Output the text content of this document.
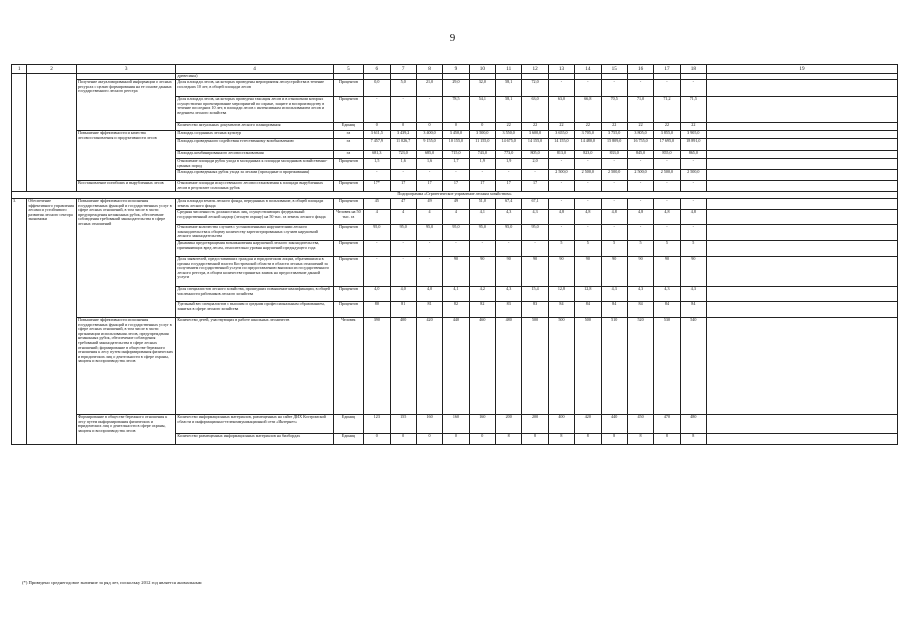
9
1	2	3	4	5	6	7	8	9	10	11	12	13	14	15	16	17	18	19
			древесины)															
		Получение актуализированной информации о лесных ресурсах с целью формирования на ее основе данных государственного лесного реестра	Доля площади лесов, на которых проведены мероприятия лесоустройства в течение последних 10 лет, в общей площади лесов	Процентов	0,0	5,0	21,0	29,0	32,0	58,1	72,0	-	-	-	-	-	-	
			Доля площади лесов, на которых проведена таксация лесов и в отношении которых осуществлено проектирование мероприятий по охране, защите и воспроизводству в течение последних 10 лет, в площади лесов с интенсивным использованием лесов и ведением лесного хозяйства	Процентов	-	-	-	78,5	54,1	58,1	63,0	63,0	66,8	70,5	71,0	71,2	71,5	
			Количество актуальных документов лесного планирования	Единиц	0	0	0	0	0	22	22	22	22	22	22	22	22	
		Повышение эффективности и качества лесовосстановления и продуктивности лесов	Площадь созданных лесных культур	га	3 611,5	3 439,2	3 400,0	3 450,0	3 500,0	3 550,0	3 600,0	3 655,0	3 705,0	3 755,0	3 805,0	3 855,0	3 905,0	
			Площадь проведенного содействия естественному возобновлению	га	7 457,9	11 026,7	9 155,0	10 155,0	11 155,0	14 675,0	14 155,0	14 155,0	14 480,0	15 809,0	16 755,0	17 695,0	18 891,0	
			Площадь комбинированного лесовосстановления	га	681,3	723,0	685,0	715,0	743,0	773,0	805,0	813,0	823,0	833,0	845,0	855,0	865,0	
			Отношение площади рубок ухода в молодняках к площади молодняков хозяйственно-ценных пород	Процентов	1,5	1,6	1,6	1,7	1,9	1,9	2,0	-	-	-	-	-	-	
			Площадь проведенных рубок ухода за лесами (проходные и прореживания)		-	-	-	-	-	-	-	2 500,0	2 500,0	2 500,0	2 500,0	2 500,0	2 500,0	
		Восстановление погибших и вырубленных лесов	Отношение площади искусственного лесовосстановления к площади вырубленных лесов в результате сплошных рубок	Процентов	17*	17	17	17	17	17	17	-	-	-	-	-	-	
Подпрограмма «Стратегическое управление лесным хозяйством»																		
3.	Обеспечение эффективного управления лесами и устойчивого развития лесного сектора экономики	Повышение эффективности исполнения государственных функций и государственных услуг в сфере лесных отношений, в том числе в части предупреждения незаконных рубок, обеспечение соблюдения требований законодательства в сфере лесных отношений	Доля площади земель лесного фонда, переданных в пользование, в общей площади земель лесного фонда	Процентов	45	47	49	49	51,0	67,4	67,1	-	-	-	-	-	-	
			Средняя численность должностных лиц, осуществляющих федеральный государственный лесной надзор (лесную охрану) на 50 тыс. га земель лесного фонда	Человек на 50 тыс. га	4	4	4	4	4,1	4,3	4,3	4,8	4,8	4,8	4,8	4,8	4,8	
			Отношение количества случаев с установленными нарушителями лесного законодательства к общему количеству зарегистрированных случаев нарушений лесного законодательства	Процентов	95,0	95,0	95,0	95,0	95,0	95,0	95,0	-	-	-	-	-	-	
			Динамика предотвращения возникновения нарушений лесного законодательства, причиняющих вред лесам, относительно уровня нарушений предыдущего года	Процентов	-	-	-	-	-	-	-	5	5	5	5	5	5	
			Доля заявителей, предоставивших граждан и юридическим лицам, обратившимся в органы государственной власти Костромской области в области лесных отношений за получением государственной услуги по предоставлению выписки из государственного лесного реестра, в общем количестве принятых заявок на предоставление данной услуги	Процентов	-	-	-	90	90	90	90	90	90	90	90	90	90	
			Доля специалистов лесного хозяйства, прошедших повышение квалификации, в общей численности работников лесного хозяйства	Процентов	4,0	4,0	4,0	4,1	4,2	4,3	15,4	12,8	12,8	4,3	4,3	4,3	4,3	
			Удельный вес специалистов с высшим и средним профессиональным образованием, занятых в сфере лесного хозяйства	Процентов	80	81	81	82	82	83	83	84	84	84	84	84	84	
		Повышение эффективности исполнения государственных функций и государственных услуг в сфере лесных отношений, в том числе в части организации использования лесов, предупреждения незаконных рубок, обеспечение соблюдения требований законодательства в сфере лесных отношений; формирование в обществе бережного отношения к лесу путем информирования физических и юридических лиц о деятельности в сфере охраны, защиты и воспроизводства лесов	Количество детей, участвующих в работе школьных лесничеств	Человек	390	400	420	440	460	480	500	500	500	510	520	530	540	
		Формирование в обществе бережного отношения к лесу путем информирования физических и юридических лиц о деятельности в сфере охраны, защиты и воспроизводства лесов	Количество информационных материалов, размещенных на сайте ДИХ Костромской области и информационно-телекоммуникационной сети «Интернет»	Единиц	123	155	160	160	160	200	200	400	420	440	450	470	480	
			Количество размещенных информационных материалов на билбордах	Единиц	0	0	0	0	0	8	8	8	8	8	8	8	8	
(*) Приведено среднегодовое значение за ряд лет, поскольку 2012 год является аномальным
